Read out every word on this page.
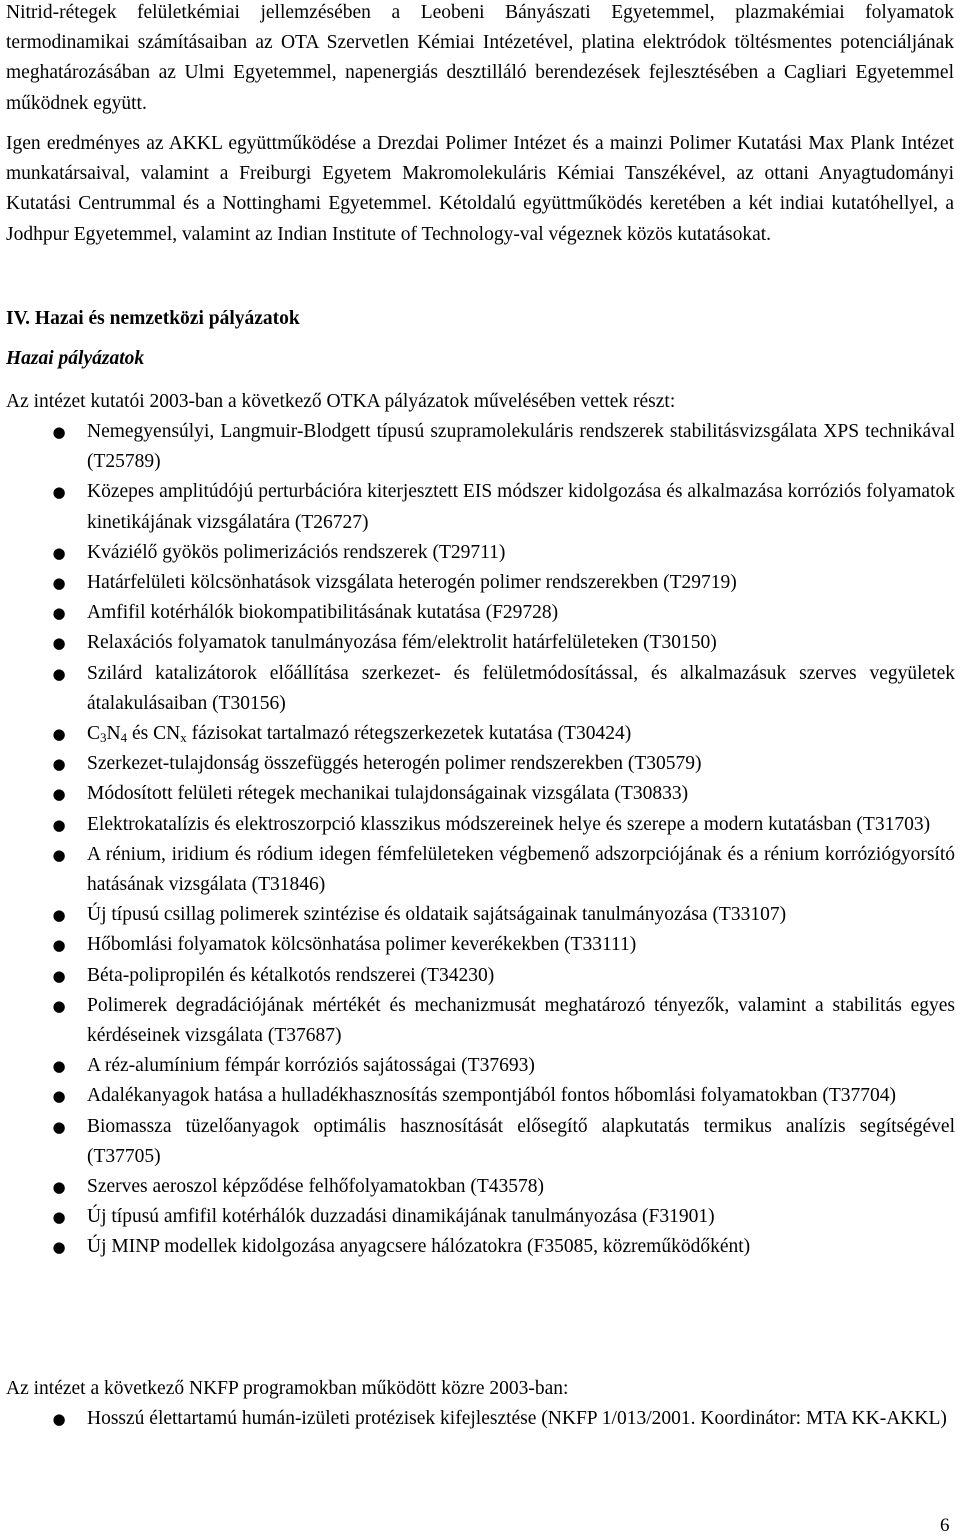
Nitrid-rétegek felületkémiai jellemzésében a Leobeni Bányászati Egyetemmel, plazmakémiai folyamatok termodinamikai számításaiban az OTA Szervetlen Kémiai Intézetével, platina elektródok töltésmentes potenciáljának meghatározásában az Ulmi Egyetemmel, napenergiás desztilláló berendezések fejlesztésében a Cagliari Egyetemmel működnek együtt.

Igen eredményes az AKKL együttműködése a Drezdai Polimer Intézet és a mainzi Polimer Kutatási Max Plank Intézet munkatársaival, valamint a Freiburgi Egyetem Makromolekuláris Kémiai Tanszékével, az ottani Anyagtudományi Kutatási Centrummal és a Nottinghami Egyetemmel. Kétoldalú együttműködés keretében a két indiai kutatóhellyel, a Jodhpur Egyetemmel, valamint az Indian Institute of Technology-val végeznek közös kutatásokat.

IV. Hazai és nemzetközi pályázatok
Hazai pályázatok

Az intézet kutatói 2003-ban a következő OTKA pályázatok művelésében vettek részt:

● Nemegyensúlyi, Langmuir-Blodgett típusú szupramolekuláris rendszerek stabilitásvizsgálata XPS technikával (T25789)
● Közepes amplitúdójú perturbációra kiterjesztett EIS módszer kidolgozása és alkalmazása korróziós folyamatok kinetikájának vizsgálatára (T26727)
● Kváziélő gyökös polimerizációs rendszerek (T29711)
● Határfelületi kölcsönhatások vizsgálata heterogén polimer rendszerekben (T29719)
● Amfifil kotérhálók biokompatibilitásának kutatása (F29728)
● Relaxációs folyamatok tanulmányozása fém/elektrolit határfelületeken (T30150)
● Szilárd katalizátorok előállítása szerkezet- és felületmódosítással, és alkalmazásuk szerves vegyületek átalakulásaiban (T30156)
● $C_3N_4$ és $CN_x$ fázisokat tartalmazó rétegszerkezetek kutatása (T30424)
● Szerkezet-tulajdonság összefüggés heterogén polimer rendszerekben (T30579)
● Módosított felületi rétegek mechanikai tulajdonságainak vizsgálata (T30833)
● Elektrokatalízis és elektroszorpció klasszikus módszereinek helye és szerepe a modern kutatásban (T31703)
● A rénium, iridium és ródium idegen fémfelületeken végbemenő adszorpciójának és a rénium korróziógyorsító hatásának vizsgálata (T31846)
● Új típusú csillag polimerek szintézise és oldataik sajátságainak tanulmányozása (T33107)
● Hőbomlási folyamatok kölcsönhatása polimer keverékekben (T33111)
● Béta-polipropilén és kétalkotós rendszerei (T34230)
● Polimerek degradációjának mértékét és mechanizmusát meghatározó tényezők, valamint a stabilitás egyes kérdéseinek vizsgálata (T37687)
● A réz-alumínium fémpár korróziós sajátosságai (T37693)
● Adalékanyagok hatása a hulladékhasznosítás szempontjából fontos hőbomlási folyamatokban (T37704)
● Biomassza tüzelőanyagok optimális hasznosítását elősegítő alapkutatás termikus analízis segítségével (T37705)
● Szerves aeroszol képződése felhőfolyamatokban (T43578)
● Új típusú amfifil kotérhálók duzzadási dinamikájának tanulmányozása (F31901)
● Új MINP modellek kidolgozása anyagcsere hálózatokra (F35085, közreműködőként)

Az intézet a következő NKFP programokban működött közre 2003-ban:

● Hosszú élettartamú humán-izületi protézisek kifejlesztése (NKFP 1/013/2001. Koordinátor: MTA KK-AKKL)
6
